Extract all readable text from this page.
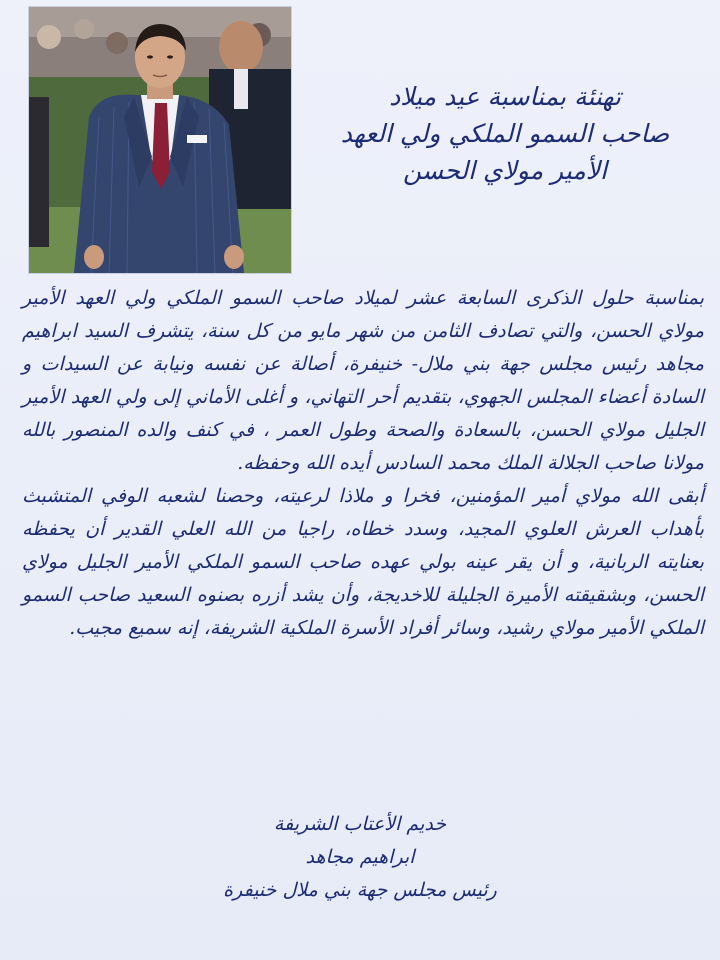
تهنئة بمناسبة عيد ميلاد
صاحب السمو الملكي ولي العهد
الأمير مولاي الحسن

بمناسبة حلول الذكرى السابعة عشر لميلاد صاحب السمو الملكي ولي العهد الأمير مولاي الحسن، والتي تصادف الثامن من شهر مايو من كل سنة، يتشرف السيد ابراهيم مجاهد رئيس مجلس جهة بني ملال- خنيفرة، أصالة عن نفسه ونيابة عن السيدات و السادة أعضاء المجلس الجهوي، بتقديم أحر التهاني، و أغلى الأماني إلى ولي العهد الأمير الجليل مولاي الحسن، بالسعادة والصحة وطول العمر ، في كنف والده المنصور بالله مولانا صاحب الجلالة الملك محمد السادس أيده الله وحفظه.

أبقى الله مولاي أمير المؤمنين، فخرا و ملاذا لرعيته، وحصنا لشعبه الوفي المتشبث بأهداب العرش العلوي المجيد، وسدد خطاه، راجيا من الله العلي القدير أن يحفظه بعنايته الربانية، و أن يقر عينه بولي عهده صاحب السمو الملكي الأمير الجليل مولاي الحسن، وبشقيقته الأميرة الجليلة للاخديجة، وأن يشد أزره بصنوه السعيد صاحب السمو الملكي الأمير مولاي رشيد، وسائر أفراد الأسرة الملكية الشريفة، إنه سميع مجيب.

خديم الأعتاب الشريفة
ابراهيم مجاهد
رئيس مجلس جهة بني ملال خنيفرة
